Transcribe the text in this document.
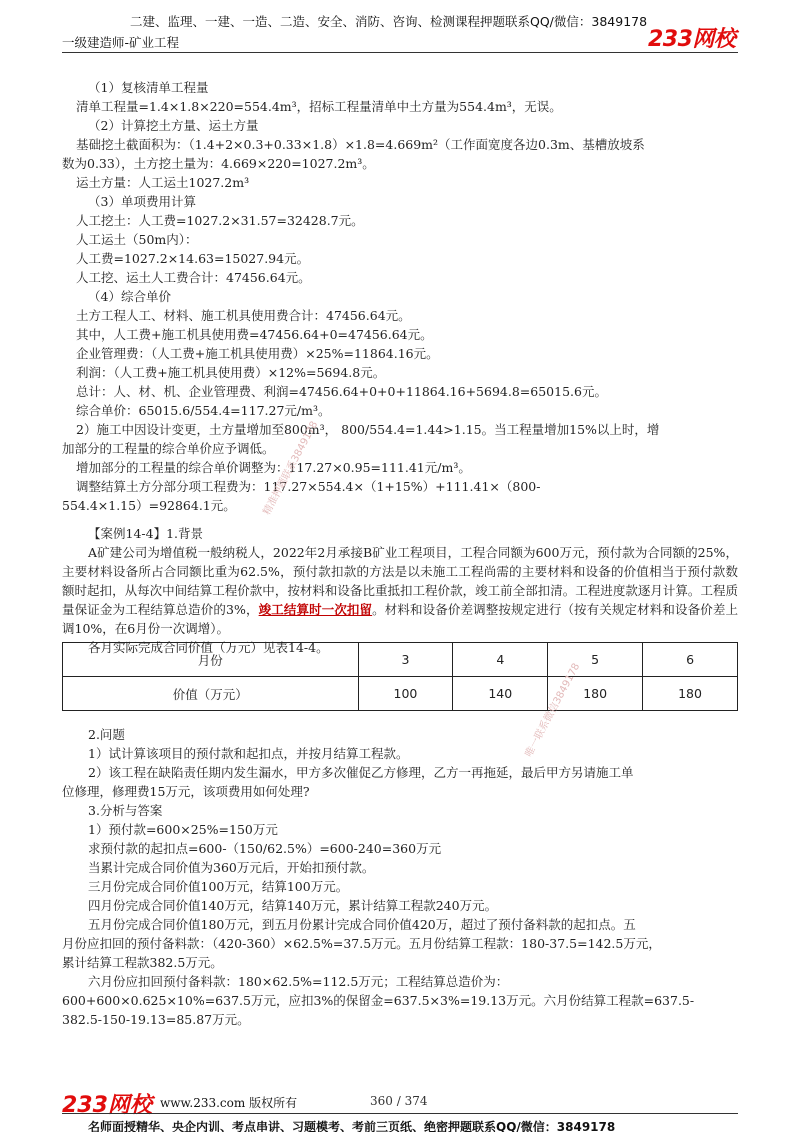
二建、监理、一建、一造、二造、安全、消防、咨询、检测课程押题联系QQ/微信：3849178
一级建造师-矿业工程	233网校

（1）复核清单工程量

清单工程量=1.4×1.8×220=554.4m³，招标工程量清单中土方量为554.4m³，无误。

（2）计算挖土方量、运土方量

基础挖土截面积为：（1.4+2×0.3+0.33×1.8）×1.8=4.669m²（工作面宽度各边0.3m、基槽放坡系

数为0.33），土方挖土量为：4.669×220=1027.2m³。

运土方量：人工运土1027.2m³

（3）单项费用计算

人工挖土：人工费=1027.2×31.57=32428.7元。

人工运土（50m内）：

人工费=1027.2×14.63=15027.94元。

人工挖、运土人工费合计：47456.64元。

（4）综合单价

土方工程人工、材料、施工机具使用费合计：47456.64元。

其中，人工费+施工机具使用费=47456.64+0=47456.64元。

企业管理费：（人工费+施工机具使用费）×25%=11864.16元。

利润：（人工费+施工机具使用费）×12%=5694.8元。

总计：人、材、机、企业管理费、利润=47456.64+0+0+11864.16+5694.8=65015.6元。

综合单价：65015.6/554.4=117.27元/m³。

2）施工中因设计变更，土方量增加至800m³， 800/554.4=1.44>1.15。当工程量增加15%以上时，增

加部分的工程量的综合单价应予调低。

增加部分的工程量的综合单价调整为：117.27×0.95=111.41元/m³。

调整结算土方分部分项工程费为：117.27×554.4×（1+15%）+111.41×（800-

554.4×1.15）=92864.1元。

【案例14-4】1.背景

A矿建公司为增值税一般纳税人，2022年2月承接B矿业工程项目，工程合同额为600万元，预付款为合同额的25%，主要材料设备所占合同额比重为62.5%，预付款扣款的方法是以未施工工程尚需的主要材料和设备的价值相当于预付款数额时起扣，从每次中间结算工程价款中，按材料和设备比重抵扣工程价款，竣工前全部扣清。工程进度款逐月计算。工程质量保证金为工程结算总造价的3%，竣工结算时一次扣留。材料和设备价差调整按规定进行（按有关规定材料和设备价差上调10%，在6月份一次调增）。

各月实际完成合同价值（万元）见表14-4。

月份	3	4	5	6
价值（万元）	100	140	180	180

2.问题

1）试计算该项目的预付款和起扣点，并按月结算工程款。

2）该工程在缺陷责任期内发生漏水，甲方多次催促乙方修理，乙方一再拖延，最后甲方另请施工单

位修理，修理费15万元，该项费用如何处理?

3.分析与答案

1）预付款=600×25%=150万元

求预付款的起扣点=600-（150/62.5%）=600-240=360万元

当累计完成合同价值为360万元后，开始扣预付款。

三月份完成合同价值100万元，结算100万元。

四月份完成合同价值140万元，结算140万元，累计结算工程款240万元。

五月份完成合同价值180万元，到五月份累计完成合同价值420万，超过了预付备料款的起扣点。五

月份应扣回的预付备料款：（420-360）×62.5%=37.5万元。五月份结算工程款：180-37.5=142.5万元，

累计结算工程款382.5万元。

六月份应扣回预付备料款：180×62.5%=112.5万元；工程结算总造价为：

600+600×0.625×10%=637.5万元，应扣3%的保留金=637.5×3%=19.13万元。六月份结算工程款=637.5-

382.5-150-19.13=85.87万元。

精准押题联系3849178
唯一联系微信3849178
233网校 www.233.com 版权所有	360 / 374
名师面授精华、央企内训、考点串讲、习题模考、考前三页纸、绝密押题联系QQ/微信：3849178
